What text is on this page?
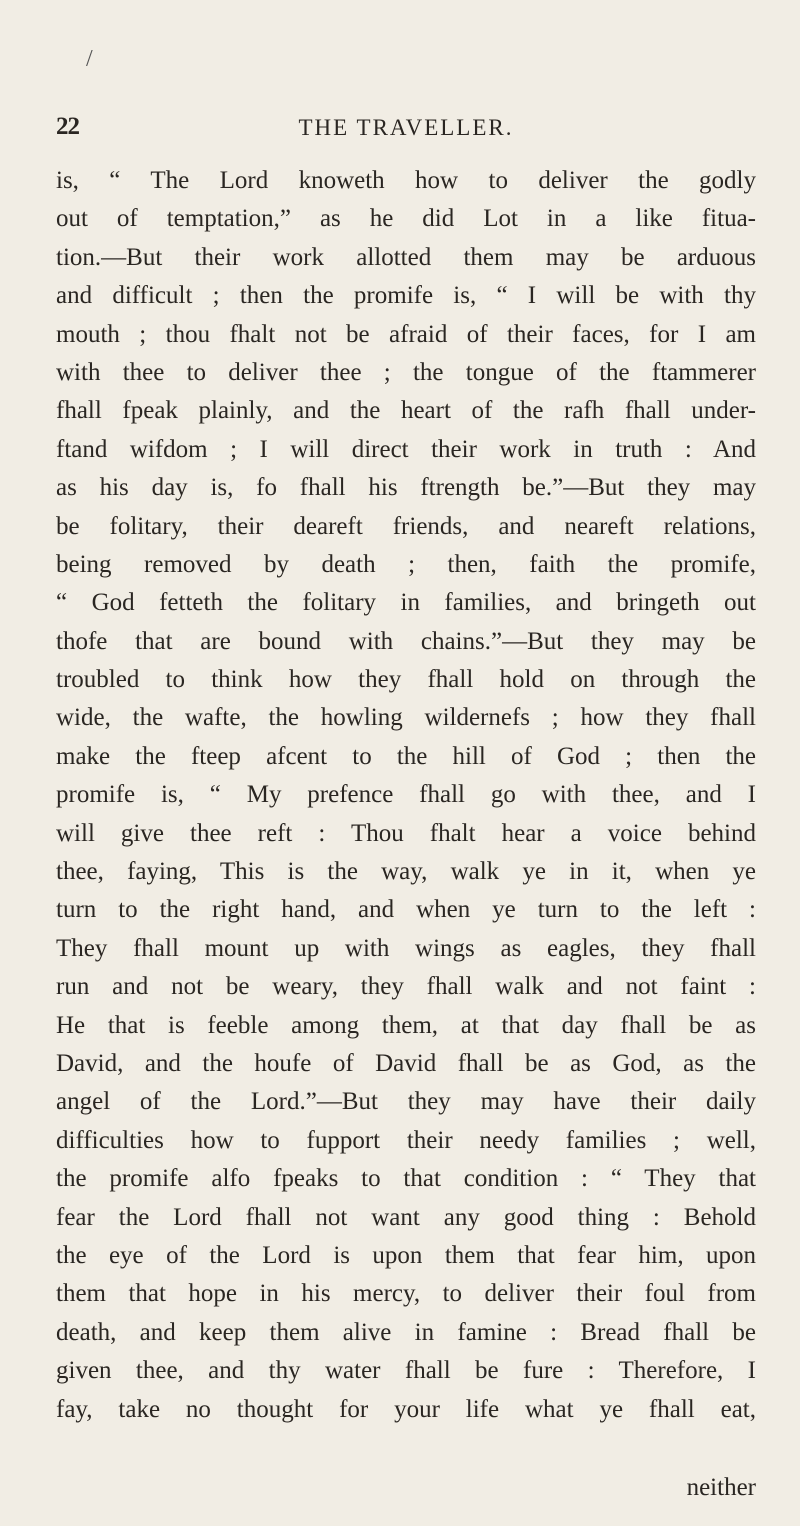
/
22	THE TRAVELLER.
is, “ The Lord knoweth how to deliver the godly
out of temptation,” as he did Lot in a like fitua-
tion.—But their work allotted them may be arduous
and difficult ; then the promife is, “ I will be with thy
mouth ; thou fhalt not be afraid of their faces, for I am
with thee to deliver thee ; the tongue of the ftammerer
fhall fpeak plainly, and the heart of the rafh fhall under-
ftand wifdom ; I will direct their work in truth : And
as his day is, fo fhall his ftrength be.”—But they may
be folitary, their deareft friends, and neareft relations,
being removed by death ; then, faith the promife,
“ God fetteth the folitary in families, and bringeth out
thofe that are bound with chains.”—But they may be
troubled to think how they fhall hold on through the
wide, the wafte, the howling wildernefs ; how they fhall
make the fteep afcent to the hill of God ; then the
promife is, “ My prefence fhall go with thee, and I
will give thee reft : Thou fhalt hear a voice behind
thee, faying, This is the way, walk ye in it, when ye
turn to the right hand, and when ye turn to the left :
They fhall mount up with wings as eagles, they fhall
run and not be weary, they fhall walk and not faint :
He that is feeble among them, at that day fhall be as
David, and the houfe of David fhall be as God, as the
angel of the Lord.”—But they may have their daily
difficulties how to fupport their needy families ; well,
the promife alfo fpeaks to that condition : “ They that
fear the Lord fhall not want any good thing : Behold
the eye of the Lord is upon them that fear him, upon
them that hope in his mercy, to deliver their foul from
death, and keep them alive in famine : Bread fhall be
given thee, and thy water fhall be fure : Therefore, I
fay, take no thought for your life what ye fhall eat,
neither
